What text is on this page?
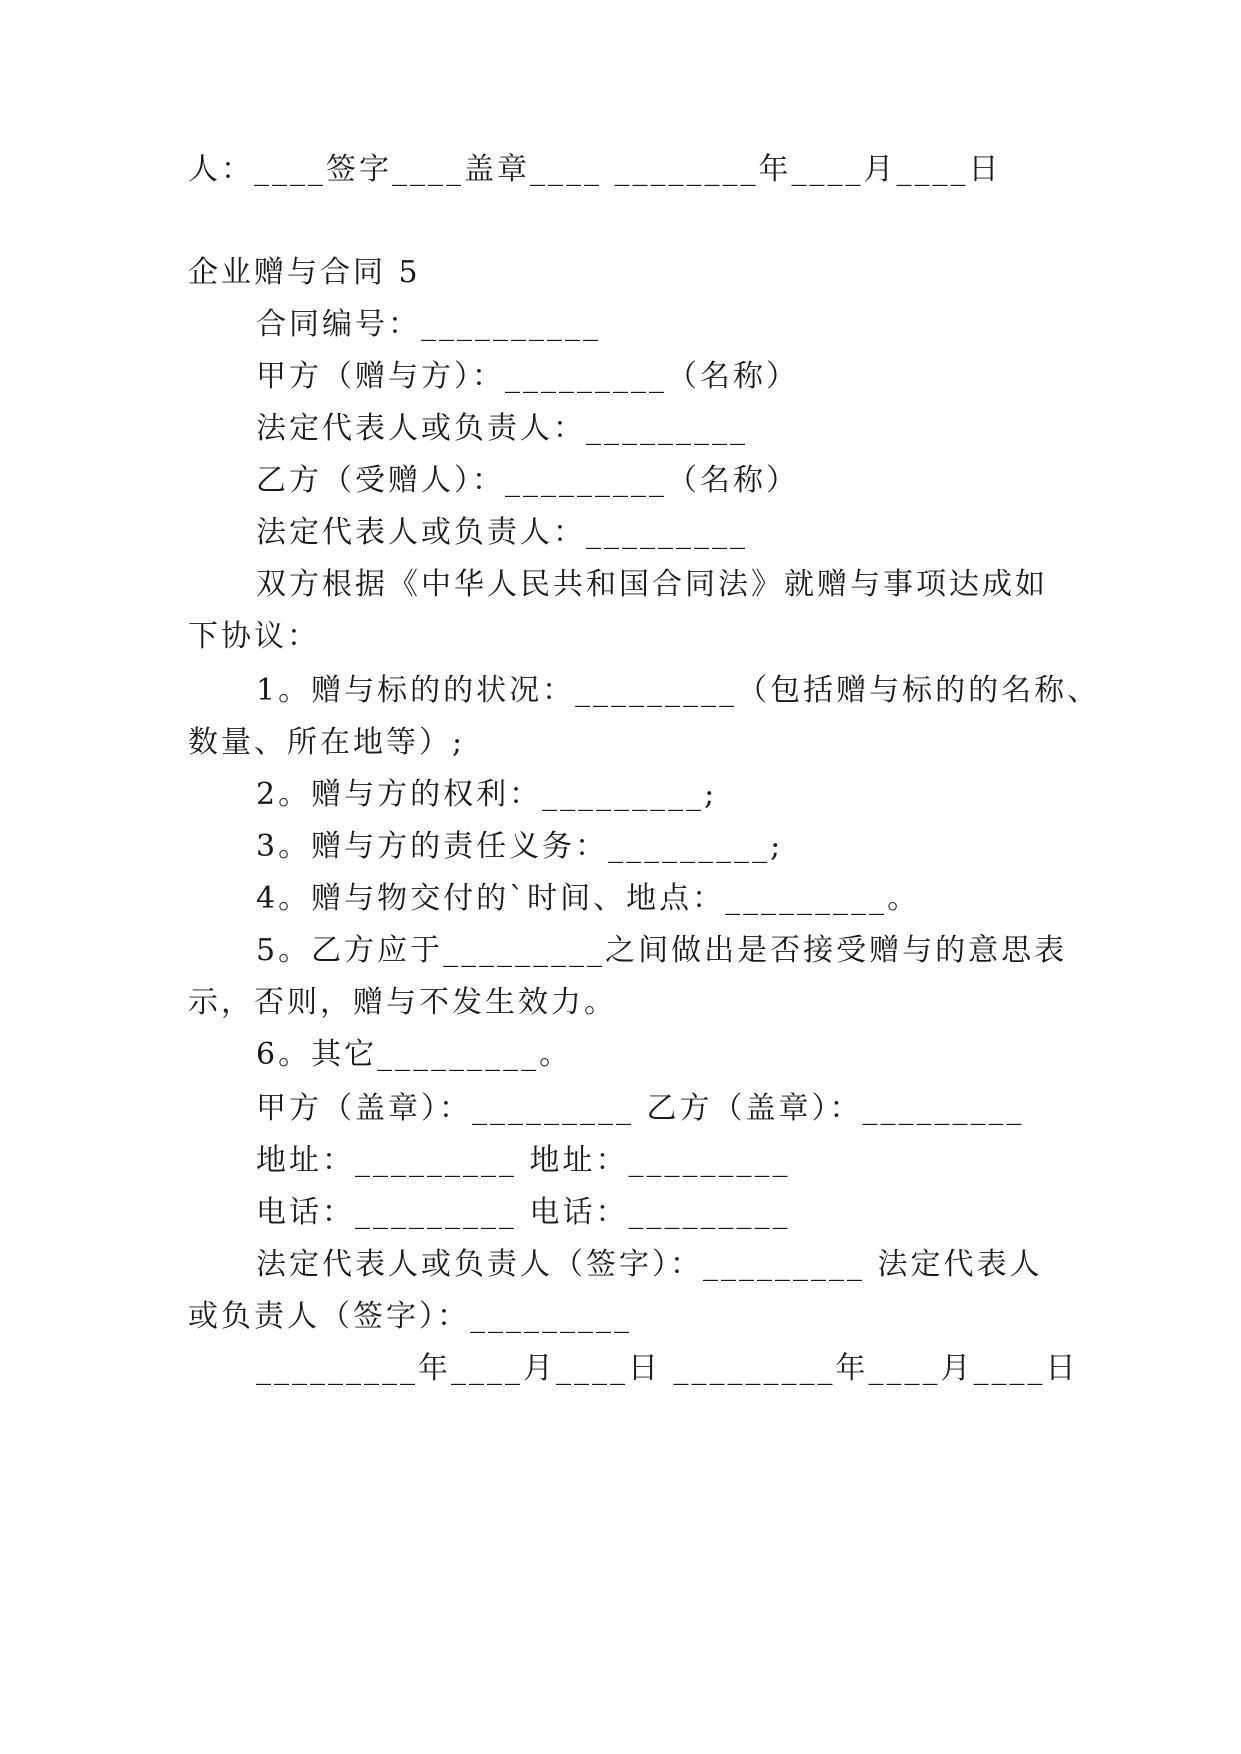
人：____签字____盖章____ ________年____月____日

企业赠与合同 5

合同编号：__________

甲方（赠与方）：_________（名称）

法定代表人或负责人：_________

乙方（受赠人）：_________（名称）

法定代表人或负责人：_________

双方根据《中华人民共和国合同法》就赠与事项达成如

下协议：

1。赠与标的的状况：_________（包括赠与标的的名称、

数量、所在地等）;

2。赠与方的权利：_________;

3。赠与方的责任义务：_________;

4。赠与物交付的`时间、地点：_________。

5。乙方应于_________之间做出是否接受赠与的意思表

示，否则，赠与不发生效力。

6。其它_________。

甲方（盖章）：_________ 乙方（盖章）：_________

地址：_________ 地址：_________

电话：_________ 电话：_________

法定代表人或负责人（签字）：_________ 法定代表人

或负责人（签字）：_________

_________年____月____日 _________年____月____日
